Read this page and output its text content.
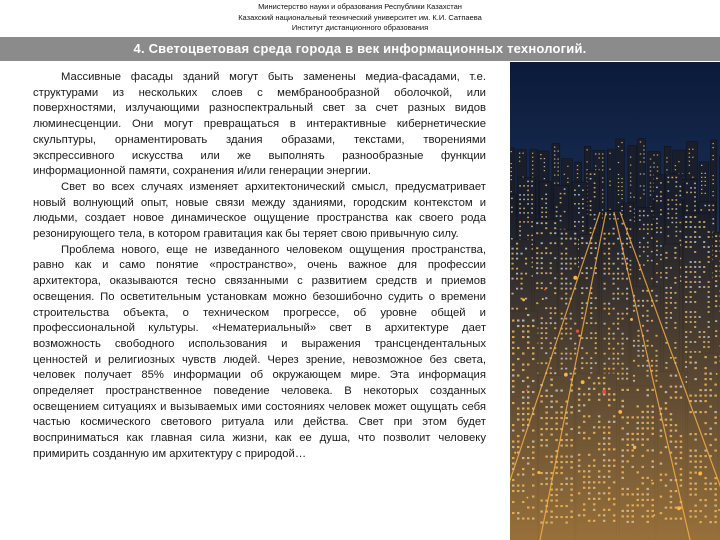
Министерство науки и образования Республики Казахстан
Казахский национальный технический университет им. К.И. Сатпаева
Институт дистанционного образования
4. Светоцветовая среда города в век информационных технологий.

Массивные фасады зданий могут быть заменены медиа-фасадами, т.е. структурами из нескольких слоев с мембранообразной оболочкой, или поверхностями, излучающими разноспектральный свет за счет разных видов люминесценции. Они могут превращаться в интерактивные кибернетические скульптуры, орнаментировать здания образами, текстами, творениями экспрессивного искусства или же выполнять разнообразные функции информационной памяти, сохранения и/или генерации энергии.

Свет во всех случаях изменяет архитектонический смысл, предусматривает новый волнующий опыт, новые связи между зданиями, городским контекстом и людьми, создает новое динамическое ощущение пространства как своего рода резонирующего тела, в котором гравитация как бы теряет свою привычную силу.

Проблема нового, еще не изведанного человеком ощущения пространства, равно как и само понятие «пространство», очень важное для профессии архитектора, оказываются тесно связанными с развитием средств и приемов освещения. По осветительным установкам можно безошибочно судить о времени строительства объекта, о техническом прогрессе, об уровне общей и профессиональной культуры. «Нематериальный» свет в архитектуре дает возможность свободного использования и выражения трансцендентальных ценностей и религиозных чувств людей. Через зрение, невозможное без света, человек получает 85% информации об окружающем мире. Эта информация определяет пространственное поведение человека. В некоторых созданных освещением ситуациях и вызываемых ими состояниях человек может ощущать себя частью космического светового ритуала или действа. Свет при этом будет восприниматься как главная сила жизни, как ее душа, что позволит человеку примирить созданную им архитектуру с природой…
